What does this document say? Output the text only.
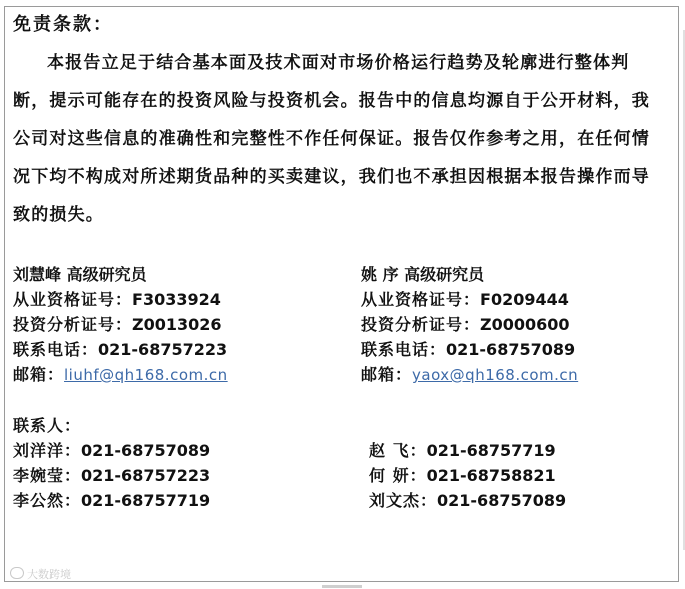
免责条款：

本报告立足于结合基本面及技术面对市场价格运行趋势及轮廓进行整体判断，提示可能存在的投资风险与投资机会。报告中的信息均源自于公开材料，我公司对这些信息的准确性和完整性不作任何保证。报告仅作参考之用，在任何情况下均不构成对所述期货品种的买卖建议，我们也不承担因根据本报告操作而导致的损失。

刘慧峰 高级研究员
从业资格证号：F3033924
投资分析证号：Z0013026
联系电话：021-68757223
邮箱：liuhf@qh168.com.cn
姚 序 高级研究员
从业资格证号：F0209444
投资分析证号：Z0000600
联系电话：021-68757089
邮箱：yaox@qh168.com.cn
联系人：
刘洋洋：021-68757089
李婉莹：021-68757223
李公然：021-68757719
赵 飞：021-68757719
何 妍：021-68758821
刘文杰：021-68757089
大数跨境
